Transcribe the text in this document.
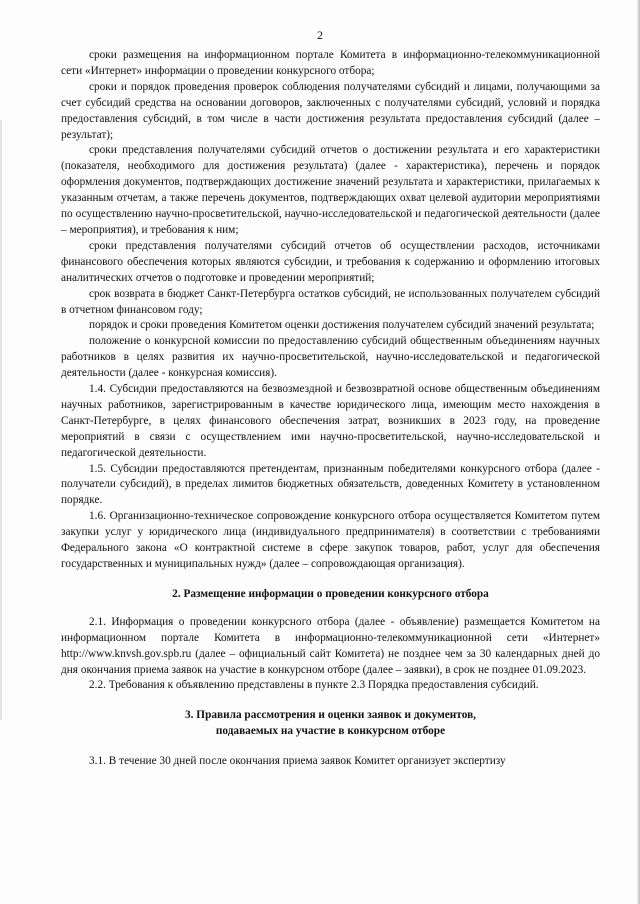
2

сроки размещения на информационном портале Комитета в информационно-телекоммуникационной сети «Интернет» информации о проведении конкурсного отбора;

сроки и порядок проведения проверок соблюдения получателями субсидий и лицами, получающими за счет субсидий средства на основании договоров, заключенных с получателями субсидий, условий и порядка предоставления субсидий, в том числе в части достижения результата предоставления субсидий (далее – результат);

сроки представления получателями субсидий отчетов о достижении результата и его характеристики (показателя, необходимого для достижения результата) (далее - характеристика), перечень и порядок оформления документов, подтверждающих достижение значений результата и характеристики, прилагаемых к указанным отчетам, а также перечень документов, подтверждающих охват целевой аудитории мероприятиями по осуществлению научно-просветительской, научно-исследовательской и педагогической деятельности (далее – мероприятия), и требования к ним;

сроки представления получателями субсидий отчетов об осуществлении расходов, источниками финансового обеспечения которых являются субсидии, и требования к содержанию и оформлению итоговых аналитических отчетов о подготовке и проведении мероприятий;

срок возврата в бюджет Санкт-Петербурга остатков субсидий, не использованных получателем субсидий в отчетном финансовом году;

порядок и сроки проведения Комитетом оценки достижения получателем субсидий значений результата;

положение о конкурсной комиссии по предоставлению субсидий общественным объединениям научных работников в целях развития их научно-просветительской, научно-исследовательской и педагогической деятельности (далее - конкурсная комиссия).

1.4. Субсидии предоставляются на безвозмездной и безвозвратной основе общественным объединениям научных работников, зарегистрированным в качестве юридического лица, имеющим место нахождения в Санкт-Петербурге, в целях финансового обеспечения затрат, возникших в 2023 году, на проведение мероприятий в связи с осуществлением ими научно-просветительской, научно-исследовательской и педагогической деятельности.

1.5. Субсидии предоставляются претендентам, признанным победителями конкурсного отбора (далее - получатели субсидий), в пределах лимитов бюджетных обязательств, доведенных Комитету в установленном порядке.

1.6. Организационно-техническое сопровождение конкурсного отбора осуществляется Комитетом путем закупки услуг у юридического лица (индивидуального предпринимателя) в соответствии с требованиями Федерального закона «О контрактной системе в сфере закупок товаров, работ, услуг для обеспечения государственных и муниципальных нужд» (далее – сопровождающая организация).

2. Размещение информации о проведении конкурсного отбора

2.1. Информация о проведении конкурсного отбора (далее - объявление) размещается Комитетом на информационном портале Комитета в информационно-телекоммуникационной сети «Интернет» http://www.knvsh.gov.spb.ru (далее – официальный сайт Комитета) не позднее чем за 30 календарных дней до дня окончания приема заявок на участие в конкурсном отборе (далее – заявки), в срок не позднее 01.09.2023.

2.2. Требования к объявлению представлены в пункте 2.3 Порядка предоставления субсидий.

3. Правила рассмотрения и оценки заявок и документов,
подаваемых на участие в конкурсном отборе

3.1. В течение 30 дней после окончания приема заявок Комитет организует экспертизу
